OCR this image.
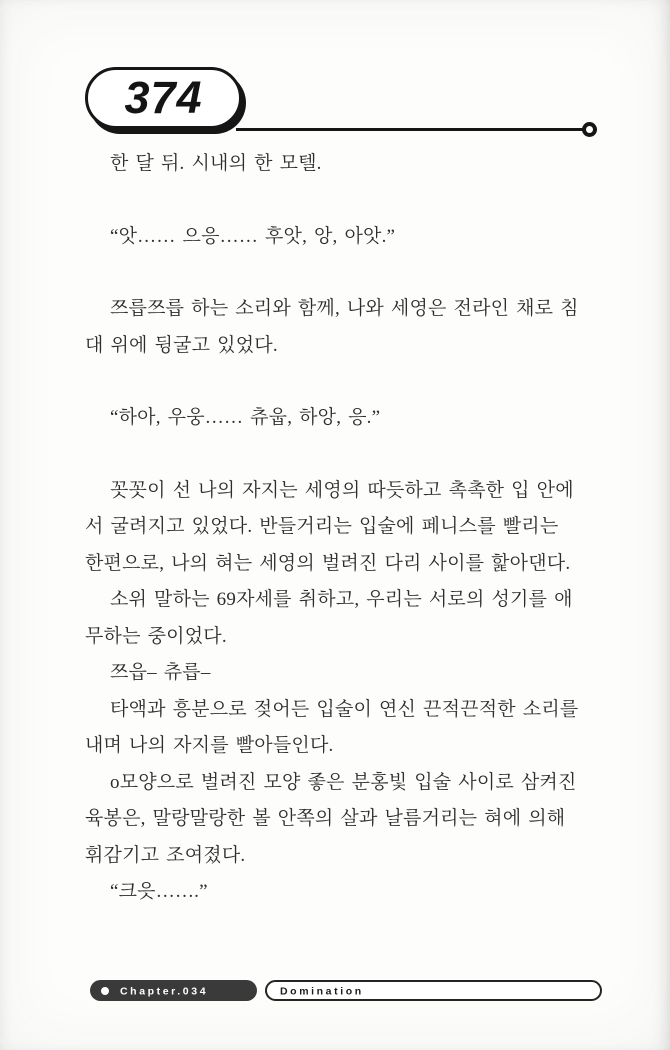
374
한 달 뒤. 시내의 한 모텔.
“앗…… 으응…… 후앗, 앙, 아앗.”
쯔릅쯔릅 하는 소리와 함께, 나와 세영은 전라인 채로 침
대 위에 뒹굴고 있었다.
“하아, 우웅…… 츄웁, 하앙, 응.”
꼿꼿이 선 나의 자지는 세영의 따듯하고 촉촉한 입 안에
서 굴려지고 있었다. 반들거리는 입술에 페니스를 빨리는
한편으로, 나의 혀는 세영의 벌려진 다리 사이를 핥아댄다.
소위 말하는 69자세를 취하고, 우리는 서로의 성기를 애
무하는 중이었다.
쯔읍– 츄릅–
타액과 흥분으로 젖어든 입술이 연신 끈적끈적한 소리를
내며 나의 자지를 빨아들인다.
o모양으로 벌려진 모양 좋은 분홍빛 입술 사이로 삼켜진
육봉은, 말랑말랑한 볼 안쪽의 살과 날름거리는 혀에 의해
휘감기고 조여졌다.
“크읏…….”
Chapter.034	Domination
